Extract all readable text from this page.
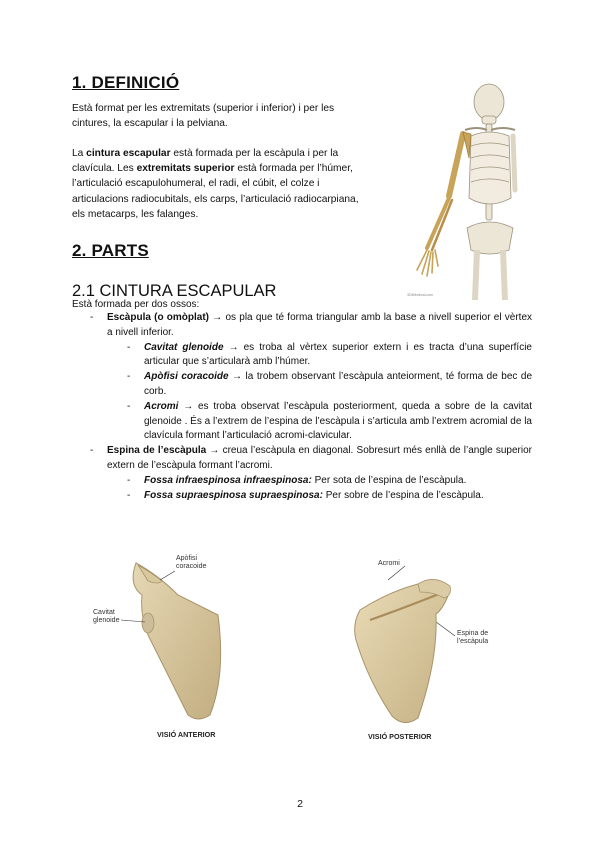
1. DEFINICIÓ

Està format per les extremitats (superior i inferior) i per les
cintures, la escapular i la pelviana.

La cintura escapular està formada per la escàpula i per la
clavícula. Les extremitats superior està formada per l’húmer,
l’articulació escapulohumeral, el radi, el cúbit, el colze i
articulacions radiocubitals, els carps, l’articulació radiocarpiana,
els metacarps, les falanges.

3D4Medical.com
2. PARTS
2.1 CINTURA ESCAPULAR

Està formada per dos ossos:

- Escàpula (o omòplat) → os pla que té forma triangular amb la base a nivell superior el vèrtex a nivell inferior.

- Cavitat glenoide → es troba al vèrtex superior extern i es tracta d’una superfície articular que s’articularà amb l’húmer.

- Apòfisi coracoide → la trobem observant l’escàpula anteiorment, té forma de bec de corb.

- Acromi → es troba observat l’escàpula posteriorment, queda a sobre de la cavitat glenoide . És a l’extrem de l’espina de l’escàpula i s’articula amb l’extrem acromial de la clavícula formant l’articulació acromi-clavicular.

- Espina de l’escàpula → creua l’escàpula en diagonal. Sobresurt més enllà de l’angle superior extern de l’escàpula formant l’acromi.

- Fossa infraespinosa infraespinosa: Per sota de l’espina de l’escàpula.

- Fossa supraespinosa supraespinosa: Per sobre de l’espina de l’escàpula.

Apòfisi
coracoide
Cavitat
glenoide
VISIÓ ANTERIOR
Acromi
Espina de
l’escàpula
VISIÓ POSTERIOR
2
